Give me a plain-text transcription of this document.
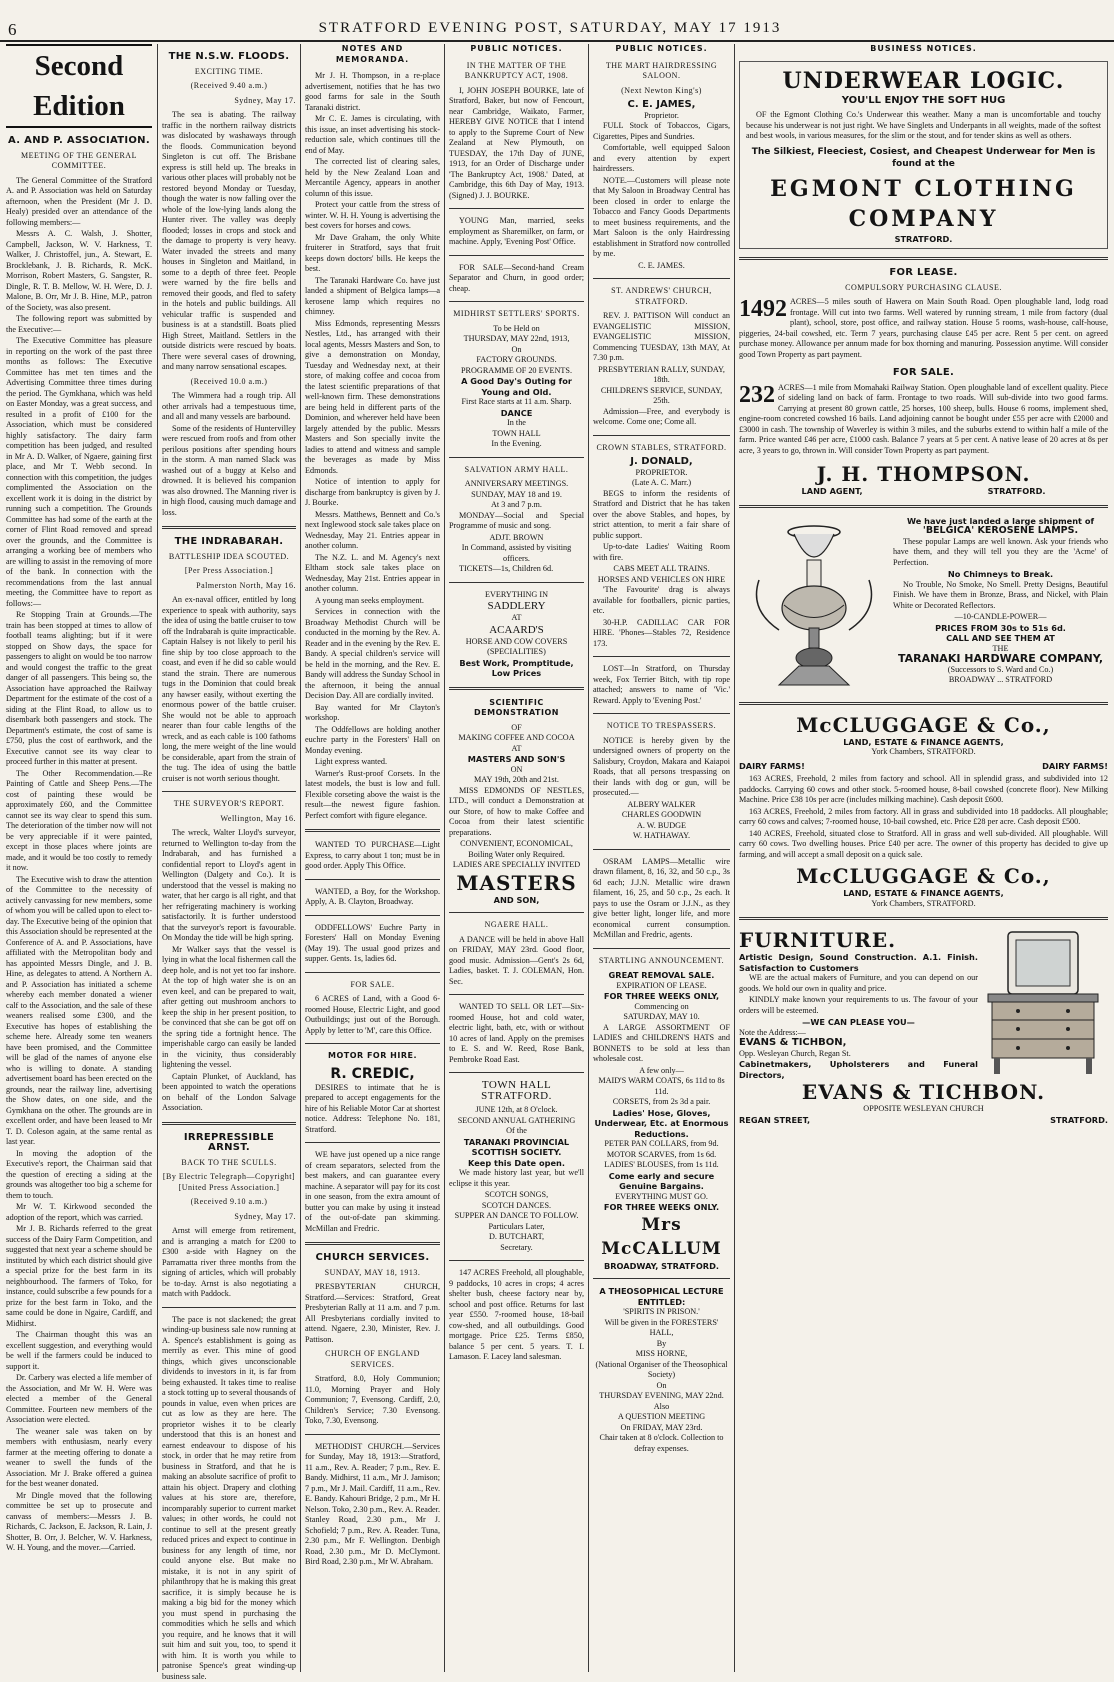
6	STRATFORD EVENING POST, SATURDAY, MAY 17 1913
Second Edition
A. AND P. ASSOCIATION.
MEETING OF THE GENERAL COMMITTEE.

The General Committee of the Stratford A. and P. Association was held on Saturday afternoon, when the President (Mr J. D. Healy) presided over an attendance of the following members:—

Messrs A. C. Walsh, J. Shotter, Campbell, Jackson, W. V. Harkness, T. Walker, J. Christoffel, jun., A. Stewart, E. Brocklebank, J. B. Richards, R. McK. Morrison, Robert Masters, G. Sangster, R. Dingle, R. T. B. Mellow, W. H. Were, D. J. Malone, B. Orr, Mr J. B. Hine, M.P., patron of the Society, was also present.

The following report was submitted by the Executive:—

The Executive Committee has pleasure in reporting on the work of the past three months as follows: The Executive Committee has met ten times and the Advertising Committee three times during the period. The Gymkhana, which was held on Easter Monday, was a great success, and resulted in a profit of £100 for the Association, which must be considered highly satisfactory. The dairy farm competition has been judged, and resulted in Mr A. D. Walker, of Ngaere, gaining first place, and Mr T. Webb second. In connection with this competition, the judges complimented the Association on the excellent work it is doing in the district by running such a competition. The Grounds Committee has had some of the earth at the corner of Flint Road removed and spread over the grounds, and the Committee is arranging a working bee of members who are willing to assist in the removing of more of the bank. In connection with the recommendations from the last annual meeting, the Committee have to report as follows:—

Re Stopping Train at Grounds.—The train has been stopped at times to allow of football teams alighting; but if it were stopped on Show days, the space for passengers to alight on would be too narrow and would congest the traffic to the great danger of all passengers. This being so, the Association have approached the Railway Department for the estimate of the cost of a siding at the Flint Road, to allow us to disembark both passengers and stock. The Department's estimate, the cost of same is £750, plus the cost of earthwork, and the Executive cannot see its way clear to proceed further in this matter at present.

The Other Recommendation.—Re Painting of Cattle and Sheep Pens.—The cost of painting these would be approximately £60, and the Committee cannot see its way clear to spend this sum. The deterioration of the timber now will not be very appreciable if it were painted, except in those places where joints are made, and it would be too costly to remedy it now.

The Executive wish to draw the attention of the Committee to the necessity of actively canvassing for new members, some of whom you will be called upon to elect to-day. The Executive being of the opinion that this Association should be represented at the Conference of A. and P. Associations, have affiliated with the Metropolitan body and has appointed Messrs Dingle, and J. B. Hine, as delegates to attend. A Northern A. and P. Association has initiated a scheme whereby each member donated a wiener calf to the Association, and the sale of these weaners realised some £300, and the Executive has hopes of establishing the scheme here. Already some ten weaners have been promised, and the Committee will be glad of the names of anyone else who is willing to donate. A standing advertisement board has been erected on the grounds, near the railway line, advertising the Show dates, on one side, and the Gymkhana on the other. The grounds are in excellent order, and have been leased to Mr T. D. Coleson again, at the same rental as last year.

In moving the adoption of the Executive's report, the Chairman said that the question of erecting a siding at the grounds was altogether too big a scheme for them to touch.

Mr W. T. Kirkwood seconded the adoption of the report, which was carried.

Mr J. B. Richards referred to the great success of the Dairy Farm Competition, and suggested that next year a scheme should be instituted by which each district should give a special prize for the best farm in its neighbourhood. The farmers of Toko, for instance, could subscribe a few pounds for a prize for the best farm in Toko, and the same could be done in Ngaire, Cardiff, and Midhirst.

The Chairman thought this was an excellent suggestion, and everything would be well if the farmers could be induced to support it.

Dr. Carbery was elected a life member of the Association, and Mr W. H. Were was elected a member of the General Committee. Fourteen new members of the Association were elected.

The weaner sale was taken on by members with enthusiasm, nearly every farmer at the meeting offering to donate a weaner to swell the funds of the Association. Mr J. Brake offered a guinea for the best weaner donated.

Mr Dingle moved that the following committee be set up to prosecute and canvass of members:—Messrs J. B. Richards, C. Jackson, E. Jackson, R. Lain, J. Shotter, B. Orr, J. Belcher, W. V. Harkness, W. H. Young, and the mover.—Carried.

THE N.S.W. FLOODS.
EXCITING TIME.
(Received 9.40 a.m.)
Sydney, May 17.

The sea is abating. The railway traffic in the northern railway districts was dislocated by washaways through the floods. Communication beyond Singleton is cut off. The Brisbane express is still held up. The breaks in various other places will probably not be restored beyond Monday or Tuesday, though the water is now falling over the whole of the low-lying lands along the Hunter river. The valley was deeply flooded; losses in crops and stock and the damage to property is very heavy. Water invaded the streets and many houses in Singleton and Maitland, in some to a depth of three feet. People were warned by the fire bells and removed their goods, and fled to safety in the hotels and public buildings. All vehicular traffic is suspended and business is at a standstill. Boats plied High Street, Maitland. Settlers in the outside districts were rescued by boats. There were several cases of drowning, and many narrow sensational escapes.

(Received 10.0 a.m.)

The Wimmera had a rough trip. All other arrivals had a tempestuous time, and all and many vessels are barbound.

Some of the residents of Huntervilley were rescued from roofs and from other perilous positions after spending hours in the storm. A man named Slack was washed out of a buggy at Kelso and drowned. It is believed his companion was also drowned. The Manning river is in high flood, causing much damage and loss.

THE INDRABARAH.
BATTLESHIP IDEA SCOUTED.
[Per Press Association.]
Palmerston North, May 16.

An ex-naval officer, entitled by long experience to speak with authority, says the idea of using the battle cruiser to tow off the Indrabarah is quite impracticable. Captain Halsey is not likely to peril his fine ship by too close approach to the coast, and even if he did so cable would stand the strain. There are numerous tugs in the Dominion that could break any hawser easily, without exerting the enormous power of the battle cruiser. She would not be able to approach nearer than four cable lengths of the wreck, and as each cable is 100 fathoms long, the mere weight of the line would be considerable, apart from the strain of the tug. The idea of using the battle cruiser is not worth serious thought.

THE SURVEYOR'S REPORT.
Wellington, May 16.

The wreck, Walter Lloyd's surveyor, returned to Wellington to-day from the Indrabarah, and has furnished a confidential report to Lloyd's agent in Wellington (Dalgety and Co.). It is understood that the vessel is making no water, that her cargo is all right, and that her refrigerating machinery is working satisfactorily. It is further understood that the surveyor's report is favourable. On Monday the tide will be high spring.

Mr Walker says that the vessel is lying in what the local fishermen call the deep hole, and is not yet too far inshore. At the top of high water she is on an even keel, and can be prepared to wait, after getting out mushroom anchors to keep the ship in her present position, to be convinced that she can be got off on the spring tide a fortnight hence. The imperishable cargo can easily be landed in the vicinity, thus considerably lightening the vessel.

Captain Plunket, of Auckland, has been appointed to watch the operations on behalf of the London Salvage Association.

IRREPRESSIBLE ARNST.
BACK TO THE SCULLS.
[By Electric Telegraph—Copyright] [United Press Association.]
(Received 9.10 a.m.)
Sydney, May 17.

Arnst will emerge from retirement, and is arranging a match for £200 to £300 a-side with Hagney on the Parramatta river three months from the signing of articles, which will probably be to-day. Arnst is also negotiating a match with Paddock.

The pace is not slackened; the great winding-up business sale now running at A. Spence's establishment is going as merrily as ever. This mine of good things, which gives unconscionable dividends to investors in it, is far from being exhausted. It takes time to realise a stock totting up to several thousands of pounds in value, even when prices are cut as low as they are here. The proprietor wishes it to be clearly understood that this is an honest and earnest endeavour to dispose of his stock, in order that he may retire from business in Stratford, and that he is making an absolute sacrifice of profit to attain his object. Drapery and clothing values at his store are, therefore, incomparably superior to current market values; in other words, he could not continue to sell at the present greatly reduced prices and expect to continue in business for any length of time, nor could anyone else. But make no mistake, it is not in any spirit of philanthropy that he is making this great sacrifice, it is simply because he is making a big bid for the money which you must spend in purchasing the commodities which he sells and which you require, and he knows that it will suit him and suit you, too, to spend it with him. It is worth you while to patronise Spence's great winding-up business sale.

NOTES AND MEMORANDA.

Mr J. H. Thompson, in a re-place advertisement, notifies that he has two good farms for sale in the South Taranaki district.

Mr C. E. James is circulating, with this issue, an inset advertising his stock-reduction sale, which continues till the end of May.

The corrected list of clearing sales, held by the New Zealand Loan and Mercantile Agency, appears in another column of this issue.

Protect your cattle from the stress of winter. W. H. H. Young is advertising the best covers for horses and cows.

Mr Dave Graham, the only White fruiterer in Stratford, says that fruit keeps down doctors' bills. He keeps the best.

The Taranaki Hardware Co. have just landed a shipment of Belgica lamps—a kerosene lamp which requires no chimney.

Miss Edmonds, representing Messrs Nestles, Ltd., has arranged with their local agents, Messrs Masters and Son, to give a demonstration on Monday, Tuesday and Wednesday next, at their store, of making coffee and cocoa from the latest scientific preparations of that well-known firm. These demonstrations are being held in different parts of the Dominion, and wherever held have been largely attended by the public. Messrs Masters and Son specially invite the ladies to attend and witness and sample the beverages as made by Miss Edmonds.

Notice of intention to apply for discharge from bankruptcy is given by J. J. Bourke.

Messrs. Matthews, Bennett and Co.'s next Inglewood stock sale takes place on Wednesday, May 21. Entries appear in another column.

The N.Z. L. and M. Agency's next Eltham stock sale takes place on Wednesday, May 21st. Entries appear in another column.

A young man seeks employment.

Services in connection with the Broadway Methodist Church will be conducted in the morning by the Rev. A. Reader and in the evening by the Rev. E. Bandy. A special children's service will be held in the morning, and the Rev. E. Bandy will address the Sunday School in the afternoon, it being the annual Decision Day. All are cordially invited.

Bay wanted for Mr Clayton's workshop.

The Oddfellows are holding another euchre party in the Foresters' Hall on Monday evening.

Light express wanted.

Warner's Rust-proof Corsets. In the latest models, the bust is low and full. Flexible corseting above the waist is the result—the newest figure fashion. Perfect comfort with figure elegance.

WANTED TO PURCHASE—Light Express, to carry about 1 ton; must be in good order. Apply This Office.

WANTED, a Boy, for the Workshop. Apply, A. B. Clayton, Broadway.

ODDFELLOWS' Euchre Party in Foresters' Hall on Monday Evening (May 19). The usual good prizes and supper. Gents. 1s, ladies 6d.

FOR SALE.

6 ACRES of Land, with a Good 6-roomed House, Electric Light, and good Outbuildings; just out of the Borough. Apply by letter to 'M', care this Office.

MOTOR FOR HIRE.
R. CREDIC,

DESIRES to intimate that he is prepared to accept engagements for the hire of his Reliable Motor Car at shortest notice. Address: Telephone No. 181, Stratford.

WE have just opened up a nice range of cream separators, selected from the best makers, and can guarantee every machine. A separator will pay for its cost in one season, from the extra amount of butter you can make by using it instead of the out-of-date pan skimming. McMillan and Fredric.

CHURCH SERVICES.
SUNDAY, MAY 18, 1913.

PRESBYTERIAN CHURCH, Stratford.—Services: Stratford, Great Presbyterian Rally at 11 a.m. and 7 p.m. All Presbyterians cordially invited to attend. Ngaere, 2.30, Minister, Rev. J. Pattison.

CHURCH OF ENGLAND SERVICES.

Stratford, 8.0, Holy Communion; 11.0, Morning Prayer and Holy Communion; 7, Evensong. Cardiff, 2.0, Children's Service; 7.30 Evensong. Toko, 7.30, Evensong.

METHODIST CHURCH.—Services for Sunday, May 18, 1913:—Stratford, 11 a.m., Rev. A. Reader; 7 p.m., Rev. E. Bandy. Midhirst, 11 a.m., Mr J. Jamison; 7 p.m., Mr J. Mail. Cardiff, 11 a.m., Rev. E. Bandy. Kahouri Bridge, 2 p.m., Mr H. Nelson. Toko, 2.30 p.m., Rev. A. Reader. Stanley Road, 2.30 p.m., Mr J. Schofield; 7 p.m., Rev. A. Reader. Tuna, 2.30 p.m., Mr F. Wellington. Denbigh Road, 2.30 p.m., Mr D. McClymont. Bird Road, 2.30 p.m., Mr W. Abraham.

PUBLIC NOTICES.
IN THE MATTER OF THE BANKRUPTCY ACT, 1908.

I, JOHN JOSEPH BOURKE, late of Stratford, Baker, but now of Fencourt, near Cambridge, Waikato, Farmer, HEREBY GIVE NOTICE that I intend to apply to the Supreme Court of New Zealand at New Plymouth, on TUESDAY, the 17th Day of JUNE, 1913, for an Order of Discharge under 'The Bankruptcy Act, 1908.' Dated, at Cambridge, this 6th Day of May, 1913. (Signed) J. J. BOURKE.

YOUNG Man, married, seeks employment as Sharemilker, on farm, or machine. Apply, 'Evening Post' Office.

FOR SALE—Second-hand Cream Separator and Churn, in good order; cheap.

MIDHIRST SETTLERS' SPORTS.
To be Held on
THURSDAY, MAY 22nd, 1913,
On
FACTORY GROUNDS.
PROGRAMME OF 20 EVENTS.
A Good Day's Outing for Young and Old.
First Race starts at 11 a.m. Sharp.
DANCE
In the
TOWN HALL
In the Evening.
SALVATION ARMY HALL.
ANNIVERSARY MEETINGS.
SUNDAY, MAY 18 and 19.
At 3 and 7 p.m.

MONDAY—Social and Special Programme of music and song.

ADJT. BROWN
In Command, assisted by visiting officers.

TICKETS—1s, Children 6d.

EVERYTHING IN
SADDLERY
AT
ACAARD'S
HORSE AND COW COVERS
(SPECIALITIES)
Best Work, Promptitude, Low Prices
SCIENTIFIC DEMONSTRATION
OF
MAKING COFFEE AND COCOA
AT
MASTERS AND SON'S
ON
MAY 19th, 20th and 21st.

MISS EDMONDS OF NESTLES, LTD., will conduct a Demonstration at our Store, of how to make Coffee and Cocoa from their latest scientific preparations.

CONVENIENT, ECONOMICAL, Boiling Water only Required.
LADIES ARE SPECIALLY INVITED
MASTERS
AND SON,
NGAERE HALL.

A DANCE will be held in above Hall on FRIDAY, MAY 23rd. Good floor, good music. Admission—Gent's 2s 6d, Ladies, basket. T. J. COLEMAN, Hon. Sec.

WANTED TO SELL OR LET—Six-roomed House, hot and cold water, electric light, bath, etc, with or without 10 acres of land. Apply on the premises to E. S. and W. Reed, Rose Bank, Pembroke Road East.

TOWN HALL STRATFORD.
JUNE 12th, at 8 O'clock.
SECOND ANNUAL GATHERING
Of the
TARANAKI PROVINCIAL SCOTTISH SOCIETY.
Keep this Date open.

We made history last year, but we'll eclipse it this year.

SCOTCH SONGS,
SCOTCH DANCES.
SUPPER AN DANCE TO FOLLOW.
Particulars Later,
D. BUTCHART,
Secretary.

147 ACRES Freehold, all ploughable, 9 paddocks, 10 acres in crops; 4 acres shelter bush, cheese factory near by, school and post office. Returns for last year £550. 7-roomed house, 18-bail cow-shed, and all outbuildings. Good mortgage. Price £25. Terms £850, balance 5 per cent. 5 years. T. I. Lamason. F. Lacey land salesman.

PUBLIC NOTICES.
THE MART HAIRDRESSING SALOON.
(Next Newton King's)
C. E. JAMES,
Proprietor.

FULL Stock of Tobaccos, Cigars, Cigarettes, Pipes and Sundries.

Comfortable, well equipped Saloon and every attention by expert hairdressers.

NOTE.—Customers will please note that My Saloon in Broadway Central has been closed in order to enlarge the Tobacco and Fancy Goods Departments to meet business requirements, and the Mart Saloon is the only Hairdressing establishment in Stratford now controlled by me.

C. E. JAMES.
ST. ANDREWS' CHURCH, STRATFORD.

REV. J. PATTISON Will conduct an EVANGELISTIC MISSION, EVANGELISTIC MISSION, Commencing TUESDAY, 13th MAY, At 7.30 p.m.

PRESBYTERIAN RALLY, SUNDAY, 18th.
CHILDREN'S SERVICE, SUNDAY, 25th.

Admission—Free, and everybody is welcome. Come one; Come all.

CROWN STABLES, STRATFORD.
J. DONALD,
PROPRIETOR.
(Late A. C. Marr.)

BEGS to inform the residents of Stratford and District that he has taken over the above Stables, and hopes, by strict attention, to merit a fair share of public support.

Up-to-date Ladies' Waiting Room with fire.

CABS MEET ALL TRAINS.
HORSES AND VEHICLES ON HIRE

'The Favourite' drag is always available for footballers, picnic parties, etc.

30-H.P. CADILLAC CAR FOR HIRE. 'Phones—Stables 72, Residence 173.

LOST—In Stratford, on Thursday week, Fox Terrier Bitch, with tip rope attached; answers to name of 'Vic.' Reward. Apply to 'Evening Post.'

NOTICE TO TRESPASSERS.

NOTICE is hereby given by the undersigned owners of property on the Salisbury, Croydon, Makara and Kaiapoi Roads, that all persons trespassing on their lands with dog or gun, will be prosecuted.—

ALBERY WALKER
CHARLES GOODWIN
A. W. BUDGE
W. HATHAWAY.

OSRAM LAMPS—Metallic wire drawn filament, 8, 16, 32, and 50 c.p., 3s 6d each; J.J.N. Metallic wire drawn filament, 16, 25, and 50 c.p., 2s each. It pays to use the Osram or J.J.N., as they give better light, longer life, and more economical current consumption. McMillan and Fredric, agents.

STARTLING ANNOUNCEMENT.
GREAT REMOVAL SALE.
EXPIRATION OF LEASE.
FOR THREE WEEKS ONLY,
Commencing on
SATURDAY, MAY 10.

A LARGE ASSORTMENT OF LADIES and CHILDREN'S HATS and BONNETS to be sold at less than wholesale cost.

A few only—
MAID'S WARM COATS, 6s 11d to 8s 11d.
CORSETS, from 2s 3d a pair.
Ladies' Hose, Gloves, Underwear, Etc. at Enormous Reductions.
PETER PAN COLLARS, from 9d.
MOTOR SCARVES, from 1s 6d.
LADIES' BLOUSES, from 1s 11d.
Come early and secure Genuine Bargains.
EVERYTHING MUST GO.
FOR THREE WEEKS ONLY.
Mrs McCALLUM
BROADWAY, STRATFORD.
A THEOSOPHICAL LECTURE ENTITLED:
'SPIRITS IN PRISON.'
Will be given in the FORESTERS' HALL,
By
MISS HORNE,
(National Organiser of the Theosophical Society)
On
THURSDAY EVENING, MAY 22nd.
Also
A QUESTION MEETING
On FRIDAY, MAY 23rd.
Chair taken at 8 o'clock. Collection to defray expenses.
BUSINESS NOTICES.
UNDERWEAR LOGIC.
YOU'LL ENJOY THE SOFT HUG

OF the Egmont Clothing Co.'s Underwear this weather. Many a man is uncomfortable and touchy because his underwear is not just right. We have Singlets and Underpants in all weights, made of the softest and best wools, in various measures, for the slim or the stout, and for tender skins as well as others.

The Silkiest, Fleeciest, Cosiest, and Cheapest Underwear for Men is found at the
EGMONT CLOTHING COMPANY
STRATFORD.
FOR LEASE.
COMPULSORY PURCHASING CLAUSE.
1492 ACRES—5 miles south of Hawera on Main South Road. Open ploughable land, lodg road frontage. Will cut into two farms. Well watered by running stream, 1 mile from factory (dual plant), school, store, post office, and railway station. House 5 rooms, wash-house, calf-house, piggeries, 24-bail cowshed, etc. Term 7 years, purchasing clause £45 per acre. Rent 5 per cent. on agreed purchase money. Allowance per annum made for box thorning and manuring. Possession anytime. Will consider good Town Property as part payment.
FOR SALE.
232 ACRES—1 mile from Momahaki Railway Station. Open ploughable land of excellent quality. Piece of sideling land on back of farm. Frontage to two roads. Will sub-divide into two good farms. Carrying at present 80 grown cattle, 25 horses, 100 sheep, bulls. House 6 rooms, implement shed, engine-room concreted cowshed 16 bails. Land adjoining cannot be bought under £55 per acre with £2000 and £3000 in cash. The township of Waverley is within 3 miles, and the suburbs extend to within half a mile of the farm. Price wanted £46 per acre, £1000 cash. Balance 7 years at 5 per cent. A native lease of 20 acres at 8s per acre, 3 years to go, thrown in. Will consider Town Property as part payment.
J. H. THOMPSON.
LAND AGENT,	STRATFORD.
We have just landed a large shipment of
'BELGICA' KEROSENE LAMPS.

These popular Lamps are well known. Ask your friends who have them, and they will tell you they are the 'Acme' of Perfection.

No Chimneys to Break.

No Trouble, No Smoke, No Smell. Pretty Designs, Beautiful Finish. We have them in Bronze, Brass, and Nickel, with Plain White or Decorated Reflectors.

—10-CANDLE-POWER—
PRICES FROM 30s to 51s 6d.
CALL AND SEE THEM AT
THE
TARANAKI HARDWARE COMPANY,
(Successors to S. Ward and Co.)
BROADWAY ... STRATFORD
McCLUGGAGE & Co.,
LAND, ESTATE & FINANCE AGENTS,
York Chambers, STRATFORD.
DAIRY FARMS!	DAIRY FARMS!

163 ACRES, Freehold, 2 miles from factory and school. All in splendid grass, and subdivided into 12 paddocks. Carrying 60 cows and other stock. 5-roomed house, 8-bail cowshed (concrete floor). New Milking Machine. Price £38 10s per acre (includes milking machine). Cash deposit £600.

163 ACRES, Freehold, 2 miles from factory. All in grass and subdivided into 18 paddocks. All ploughable; carry 60 cows and calves; 7-roomed house, 10-bail cowshed, etc. Price £28 per acre. Cash deposit £500.

140 ACRES, Freehold, situated close to Stratford. All in grass and well sub-divided. All ploughable. Will carry 60 cows. Two dwelling houses. Price £40 per acre. The owner of this property has decided to give up farming, and will accept a small deposit on a quick sale.

McCLUGGAGE & Co.,
LAND, ESTATE & FINANCE AGENTS,
York Chambers, STRATFORD.
FURNITURE.
Artistic Design, Sound Construction. A.1. Finish. Satisfaction to Customers

WE are the actual makers of Furniture, and you can depend on our goods. We hold our own in quality and price.

KINDLY make known your requirements to us. The favour of your orders will be esteemed.

—WE CAN PLEASE YOU—
Note the Address:—
EVANS & TICHBON,
Opp. Wesleyan Church, Regan St.
Cabinetmakers, Upholsterers and Funeral Directors,
EVANS & TICHBON.
OPPOSITE WESLEYAN CHURCH
REGAN STREET,	STRATFORD.
